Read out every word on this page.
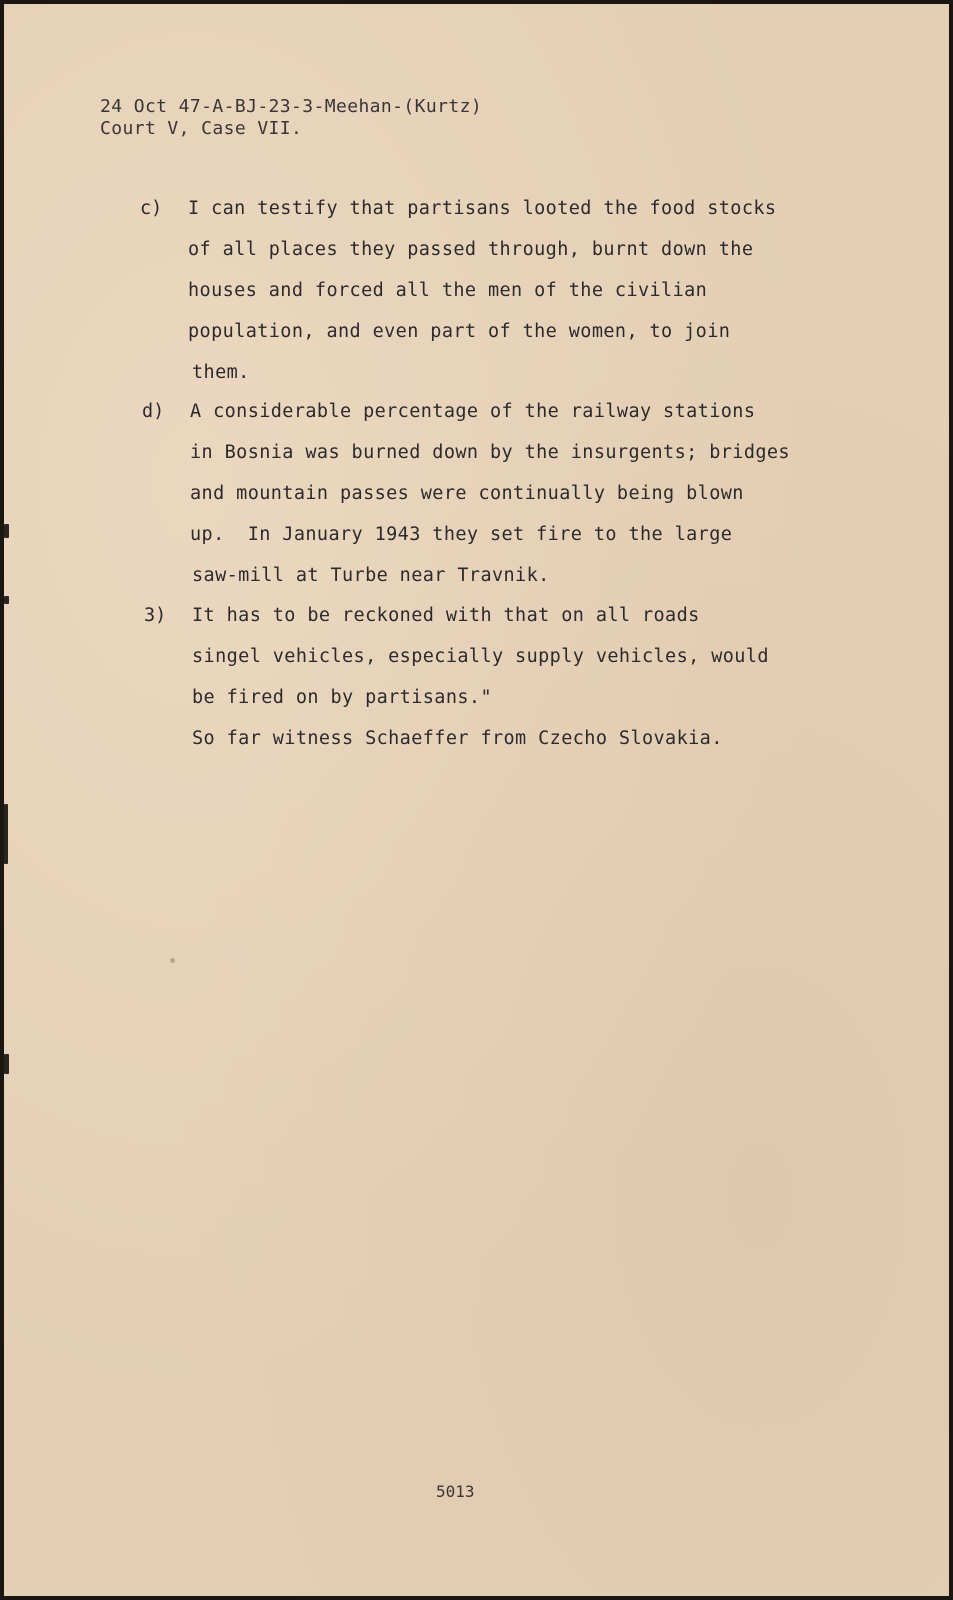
24 Oct 47-A-BJ-23-3-Meehan-(Kurtz)
Court V, Case VII.
c) I can testify that partisans looted the food stocks
of all places they passed through, burnt down the
houses and forced all the men of the civilian
population, and even part of the women, to join
them.
d) A considerable percentage of the railway stations
in Bosnia was burned down by the insurgents; bridges
and mountain passes were continually being blown
up.  In January 1943 they set fire to the large
saw-mill at Turbe near Travnik.
3) It has to be reckoned with that on all roads
singel vehicles, especially supply vehicles, would
be fired on by partisans."
So far witness Schaeffer from Czecho Slovakia.
5013
